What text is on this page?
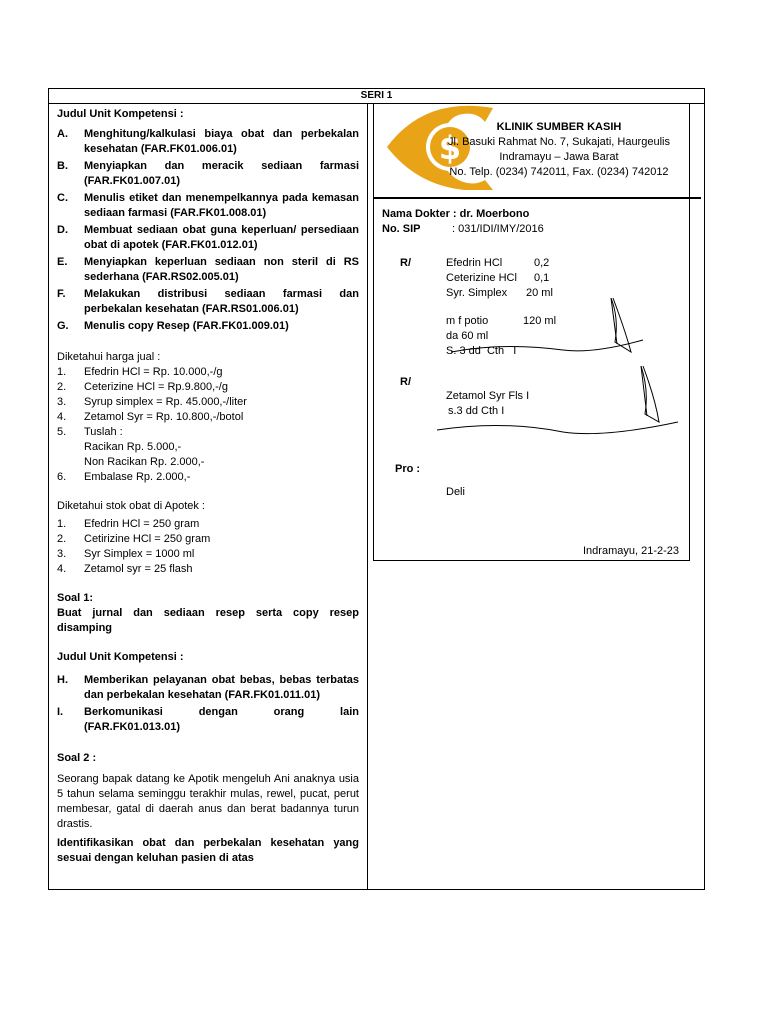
SERI 1
Judul Unit Kompetensi :
A.	Menghitung/kalkulasi biaya obat dan perbekalan kesehatan (FAR.FK01.006.01)
B.	Menyiapkan dan meracik sediaan farmasi (FAR.FK01.007.01)
C.	Menulis etiket dan menempelkannya pada kemasan sediaan farmasi (FAR.FK01.008.01)
D.	Membuat sediaan obat guna keperluan/ persediaan obat di apotek (FAR.FK01.012.01)
E.	Menyiapkan keperluan sediaan non steril di RS sederhana (FAR.RS02.005.01)
F.	Melakukan distribusi sediaan farmasi dan perbekalan kesehatan (FAR.RS01.006.01)
G.	Menulis copy Resep (FAR.FK01.009.01)
Diketahui harga jual :
1.	Efedrin HCl = Rp. 10.000,-/g
2.	Ceterizine HCl = Rp.9.800,-/g
3.	Syrup simplex = Rp. 45.000,-/liter
4.	Zetamol Syr = Rp. 10.800,-/botol
5.	Tuslah :
Racikan Rp. 5.000,-
Non Racikan Rp. 2.000,-
6.	Embalase Rp. 2.000,-
Diketahui stok obat di Apotek :
1.	Efedrin HCl = 250 gram
2.	Cetirizine HCl = 250 gram
3.	Syr Simplex = 1000 ml
4.	Zetamol syr = 25 flash
Soal 1:
Buat jurnal dan sediaan resep serta copy resep disamping
Judul Unit Kompetensi :
H.	Memberikan pelayanan obat bebas, bebas terbatas dan perbekalan kesehatan (FAR.FK01.011.01)
I.	Berkomunikasi dengan orang lain (FAR.FK01.013.01)
Soal 2 :
Seorang bapak datang ke Apotik mengeluh Ani anaknya usia 5 tahun selama seminggu terakhir mulas, rewel, pucat, perut membesar, gatal di daerah anus dan berat badannya turun drastis.
Identifikasikan obat dan perbekalan kesehatan yang sesuai dengan keluhan pasien di atas
$
KLINIK SUMBER KASIH
Jl. Basuki Rahmat No. 7, Sukajati, Haurgeulis
Indramayu – Jawa Barat
No. Telp. (0234) 742011, Fax. (0234) 742012
Nama Dokter : dr. Moerbono
No. SIP	: 031/IDI/IMY/2016
R/	Efedrin HCl	0,2
Ceterizine HCl	0,1
Syr. Simplex	20 ml
m f potio	120 ml
da 60 ml
S. 3 dd  Cth   I
R/
Zetamol Syr Fls I
s.3 dd Cth I
Pro :
Deli
Indramayu, 21-2-23
